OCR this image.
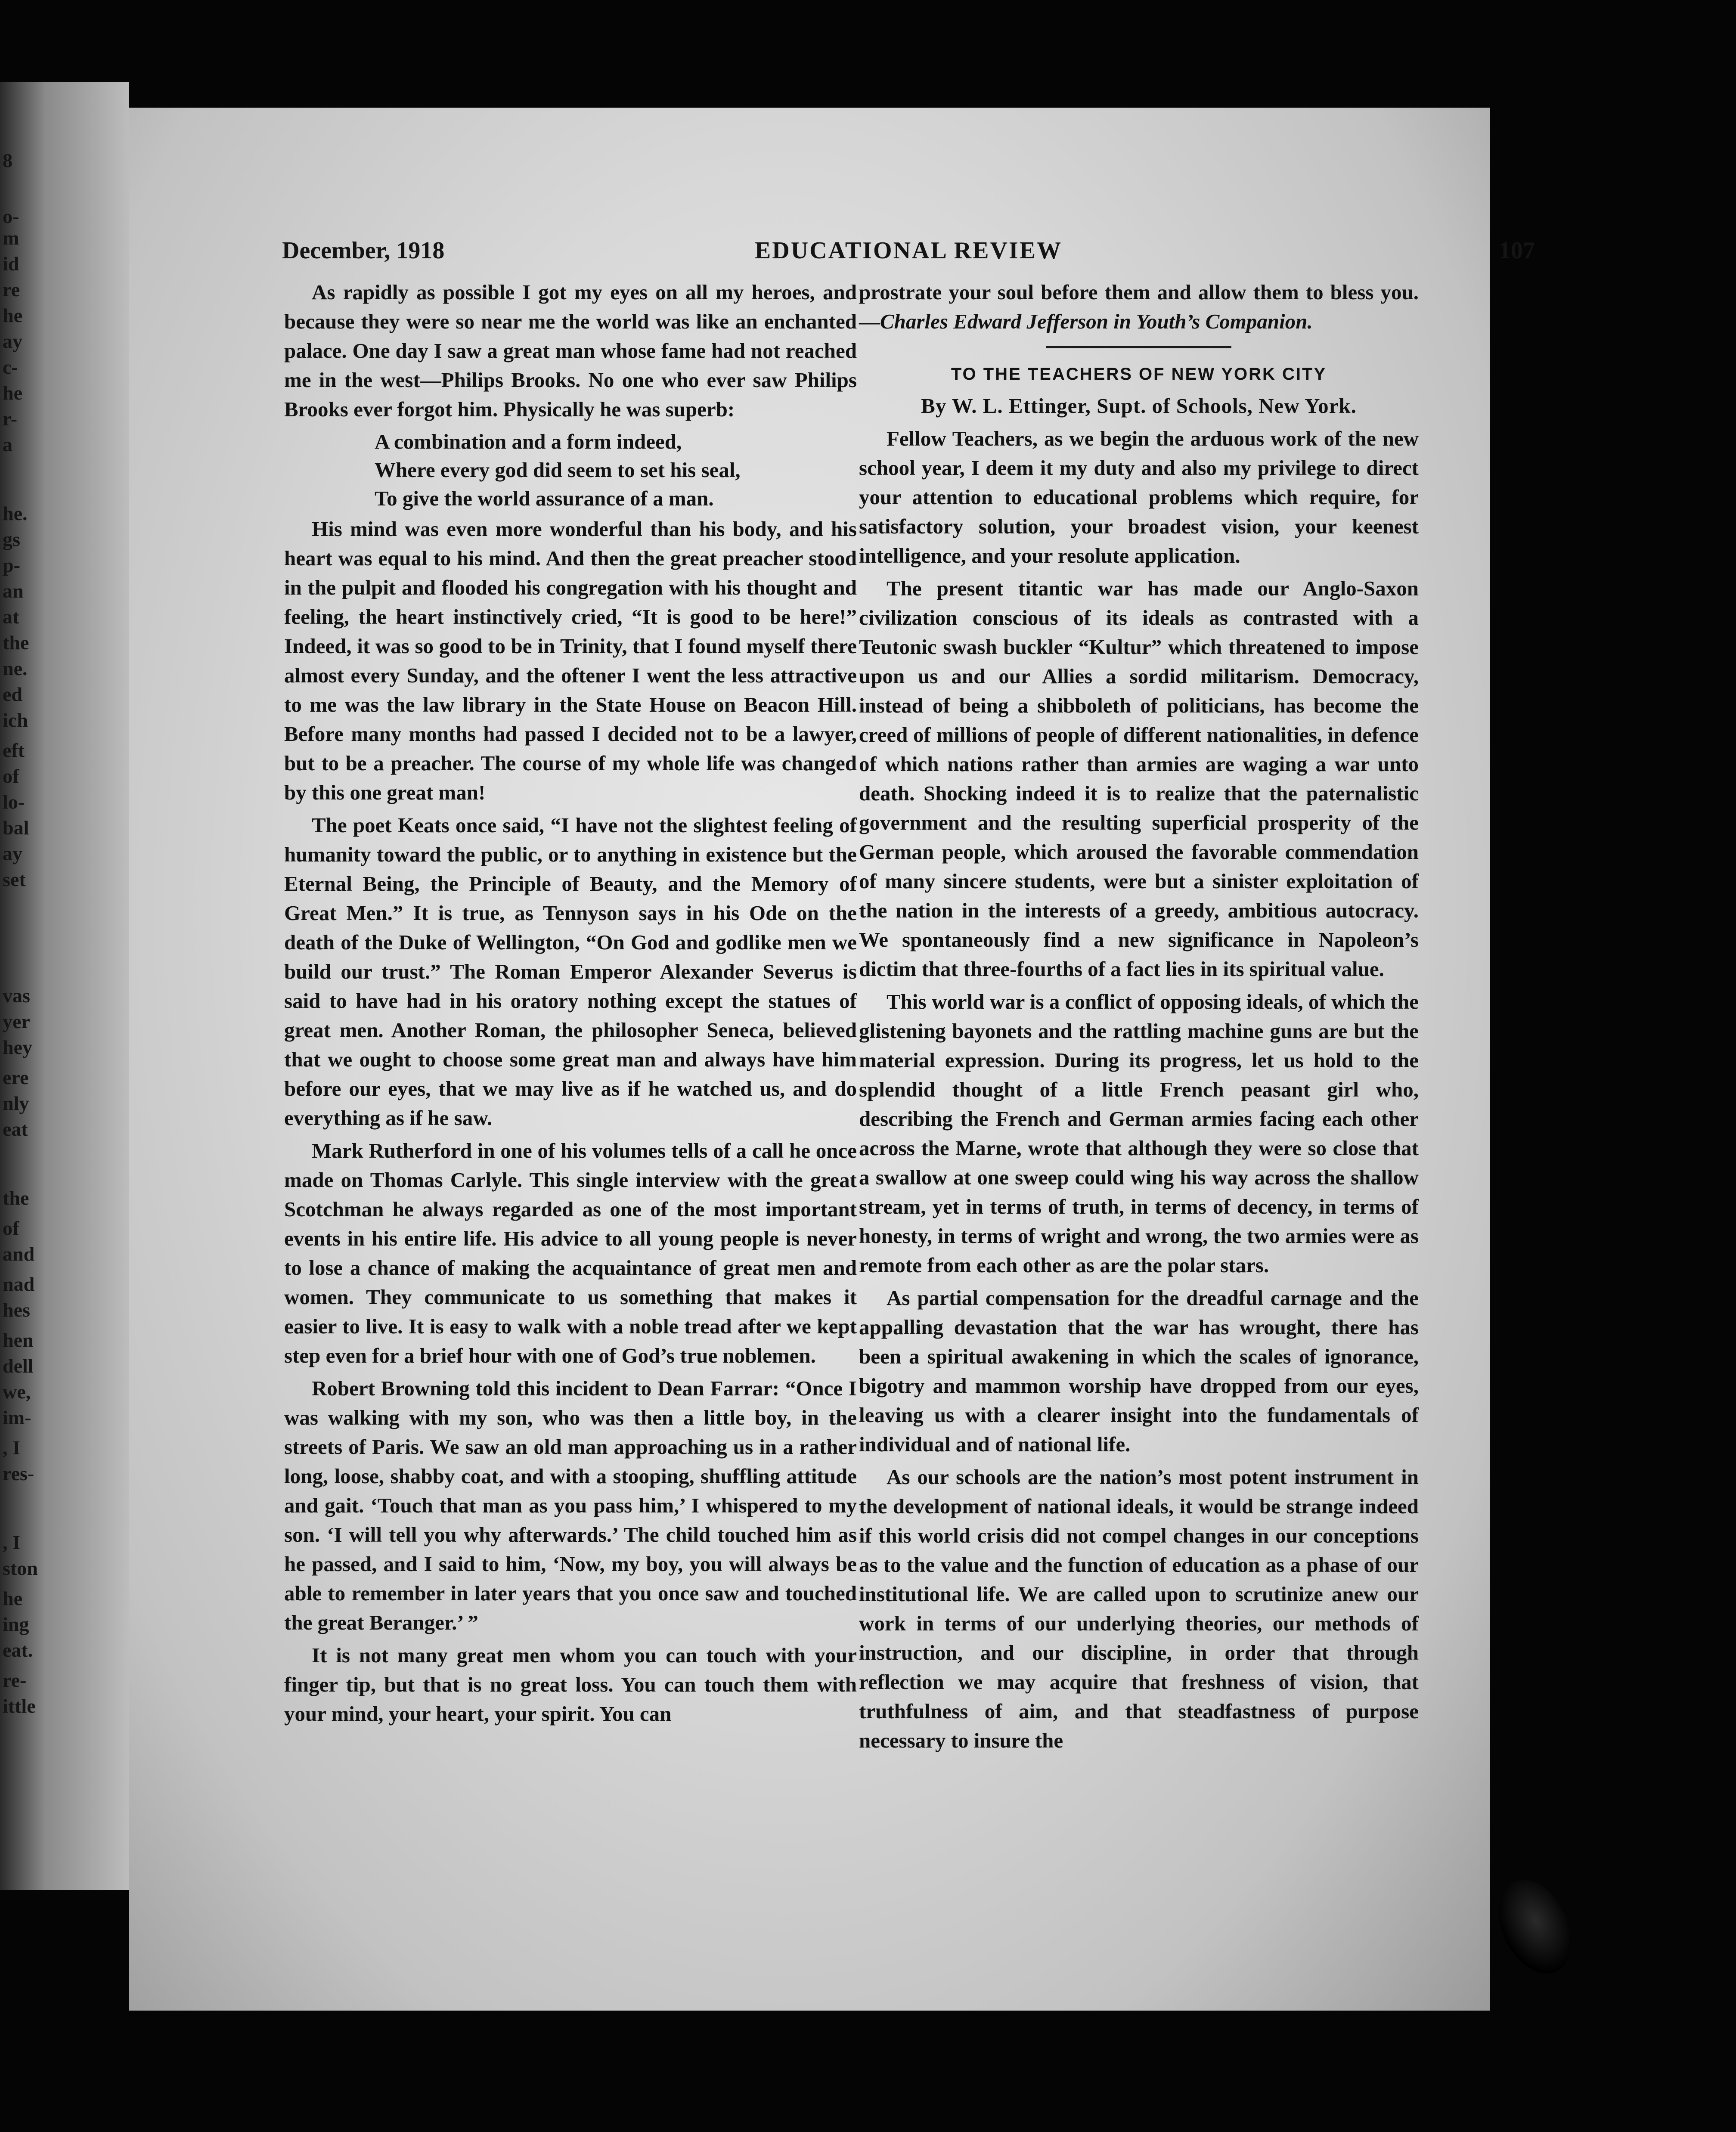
8
o-
m
id
re
he
ay
c-
he
r-
a
he.
gs
p-
an
at
the
ne.
ed
ich
eft
of
lo-
bal
ay
set
vas
yer
hey
ere
nly
eat
the
of
and
nad
hes
hen
dell
we,
im-
, I
res-
, I
ston
he
ing
eat.
re-
ittle
December, 1918	EDUCATIONAL REVIEW	107

As rapidly as possible I got my eyes on all my heroes, and because they were so near me the world was like an enchanted palace. One day I saw a great man whose fame had not reached me in the west—Philips Brooks. No one who ever saw Philips Brooks ever forgot him. Physically he was superb:

A combination and a form indeed,
Where every god did seem to set his seal,
To give the world assurance of a man.

His mind was even more wonderful than his body, and his heart was equal to his mind. And then the great preacher stood in the pulpit and flooded his congregation with his thought and feeling, the heart instinctively cried, “It is good to be here!” Indeed, it was so good to be in Trinity, that I found myself there almost every Sunday, and the oftener I went the less attractive to me was the law library in the State House on Beacon Hill. Before many months had passed I decided not to be a lawyer, but to be a preacher. The course of my whole life was changed by this one great man!

The poet Keats once said, “I have not the slightest feeling of humanity toward the public, or to anything in existence but the Eternal Being, the Principle of Beauty, and the Memory of Great Men.” It is true, as Tennyson says in his Ode on the death of the Duke of Wellington, “On God and godlike men we build our trust.” The Roman Emperor Alexander Severus is said to have had in his oratory nothing except the statues of great men. Another Roman, the philosopher Seneca, believed that we ought to choose some great man and always have him before our eyes, that we may live as if he watched us, and do everything as if he saw.

Mark Rutherford in one of his volumes tells of a call he once made on Thomas Carlyle. This single interview with the great Scotchman he always regarded as one of the most important events in his entire life. His advice to all young people is never to lose a chance of making the acquaintance of great men and women. They communicate to us something that makes it easier to live. It is easy to walk with a noble tread after we kept step even for a brief hour with one of God’s true noblemen.

Robert Browning told this incident to Dean Farrar: “Once I was walking with my son, who was then a little boy, in the streets of Paris. We saw an old man approaching us in a rather long, loose, shabby coat, and with a stooping, shuffling attitude and gait. ‘Touch that man as you pass him,’ I whispered to my son. ‘I will tell you why afterwards.’ The child touched him as he passed, and I said to him, ‘Now, my boy, you will always be able to remember in later years that you once saw and touched the great Beranger.’ ”

It is not many great men whom you can touch with your finger tip, but that is no great loss. You can touch them with your mind, your heart, your spirit. You can

prostrate your soul before them and allow them to bless you.—Charles Edward Jefferson in Youth’s Companion.

TO THE TEACHERS OF NEW YORK CITY
By W. L. Ettinger, Supt. of Schools, New York.

Fellow Teachers, as we begin the arduous work of the new school year, I deem it my duty and also my privilege to direct your attention to educational problems which require, for satisfactory solution, your broadest vision, your keenest intelligence, and your resolute application.

The present titantic war has made our Anglo-Saxon civilization conscious of its ideals as contrasted with a Teutonic swash buckler “Kultur” which threatened to impose upon us and our Allies a sordid militarism. Democracy, instead of being a shibboleth of politicians, has become the creed of millions of people of different nationalities, in defence of which nations rather than armies are waging a war unto death. Shocking indeed it is to realize that the paternalistic government and the resulting superficial prosperity of the German people, which aroused the favorable commendation of many sincere students, were but a sinister exploitation of the nation in the interests of a greedy, ambitious autocracy. We spontaneously find a new significance in Napoleon’s dictim that three-fourths of a fact lies in its spiritual value.

This world war is a conflict of opposing ideals, of which the glistening bayonets and the rattling machine guns are but the material expression. During its progress, let us hold to the splendid thought of a little French peasant girl who, describing the French and German armies facing each other across the Marne, wrote that although they were so close that a swallow at one sweep could wing his way across the shallow stream, yet in terms of truth, in terms of decency, in terms of honesty, in terms of wright and wrong, the two armies were as remote from each other as are the polar stars.

As partial compensation for the dreadful carnage and the appalling devastation that the war has wrought, there has been a spiritual awakening in which the scales of ignorance, bigotry and mammon worship have dropped from our eyes, leaving us with a clearer insight into the fundamentals of individual and of national life.

As our schools are the nation’s most potent instrument in the development of national ideals, it would be strange indeed if this world crisis did not compel changes in our conceptions as to the value and the function of education as a phase of our institutional life. We are called upon to scrutinize anew our work in terms of our underlying theories, our methods of instruction, and our discipline, in order that through reflection we may acquire that freshness of vision, that truthfulness of aim, and that steadfastness of purpose necessary to insure the
